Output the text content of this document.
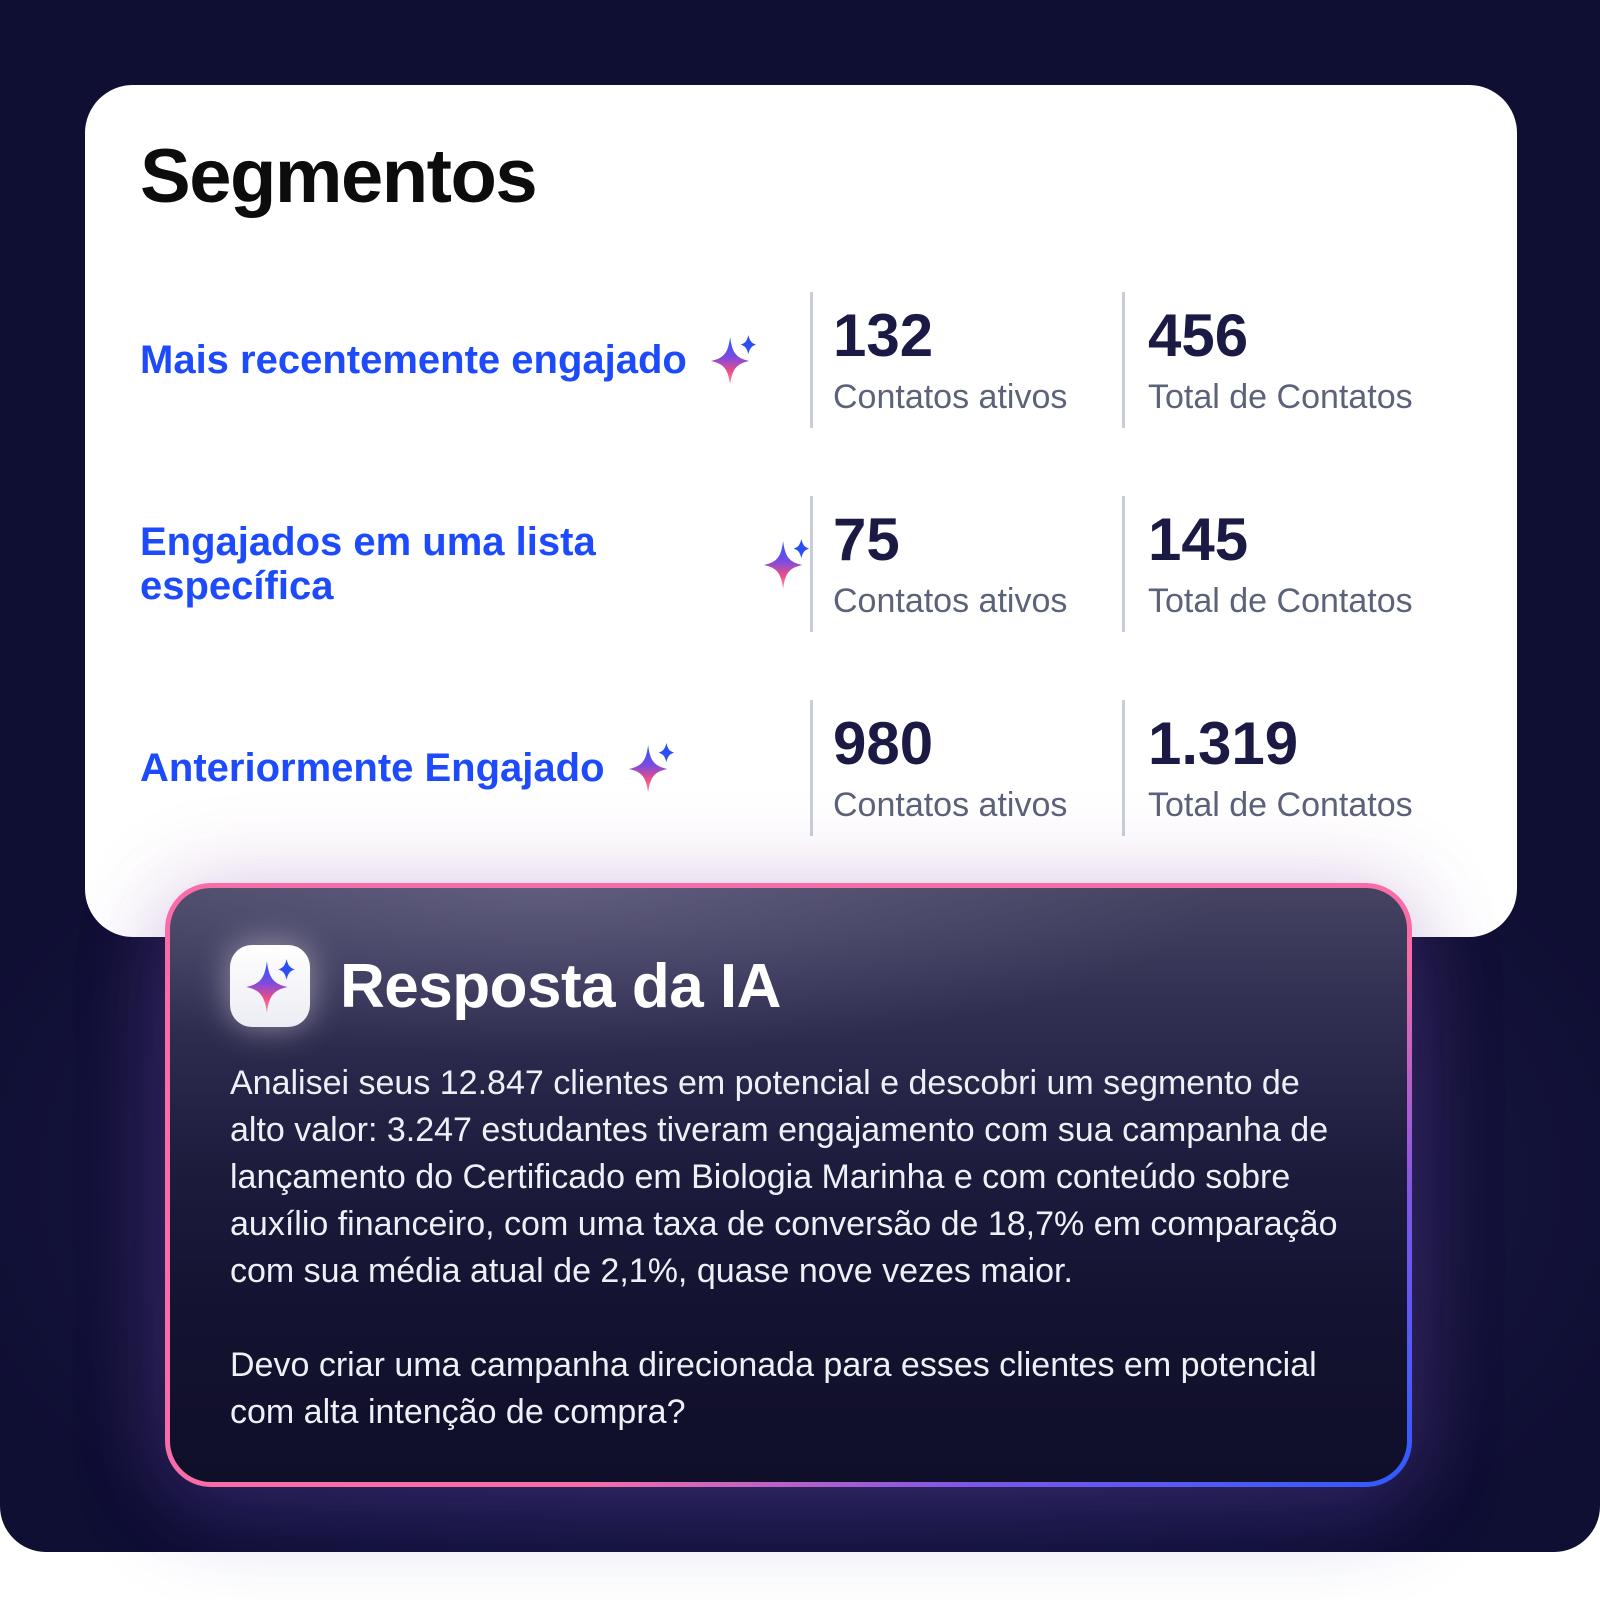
Segmentos
Mais recentemente engajado 132
Contatos ativos
456
Total de Contatos
Engajados em uma lista específica
75
Contatos ativos
145
Total de Contatos
Anteriormente Engajado	980
Contatos ativos
1.319
Total de Contatos
Resposta da IA

Analisei seus 12.847 clientes em potencial e descobri um segmento de alto valor: 3.247 estudantes tiveram engajamento com sua campanha de lançamento do Certificado em Biologia Marinha e com conteúdo sobre auxílio financeiro, com uma taxa de conversão de 18,7% em comparação com sua média atual de 2,1%, quase nove vezes maior.

Devo criar uma campanha direcionada para esses clientes em potencial com alta intenção de compra?
